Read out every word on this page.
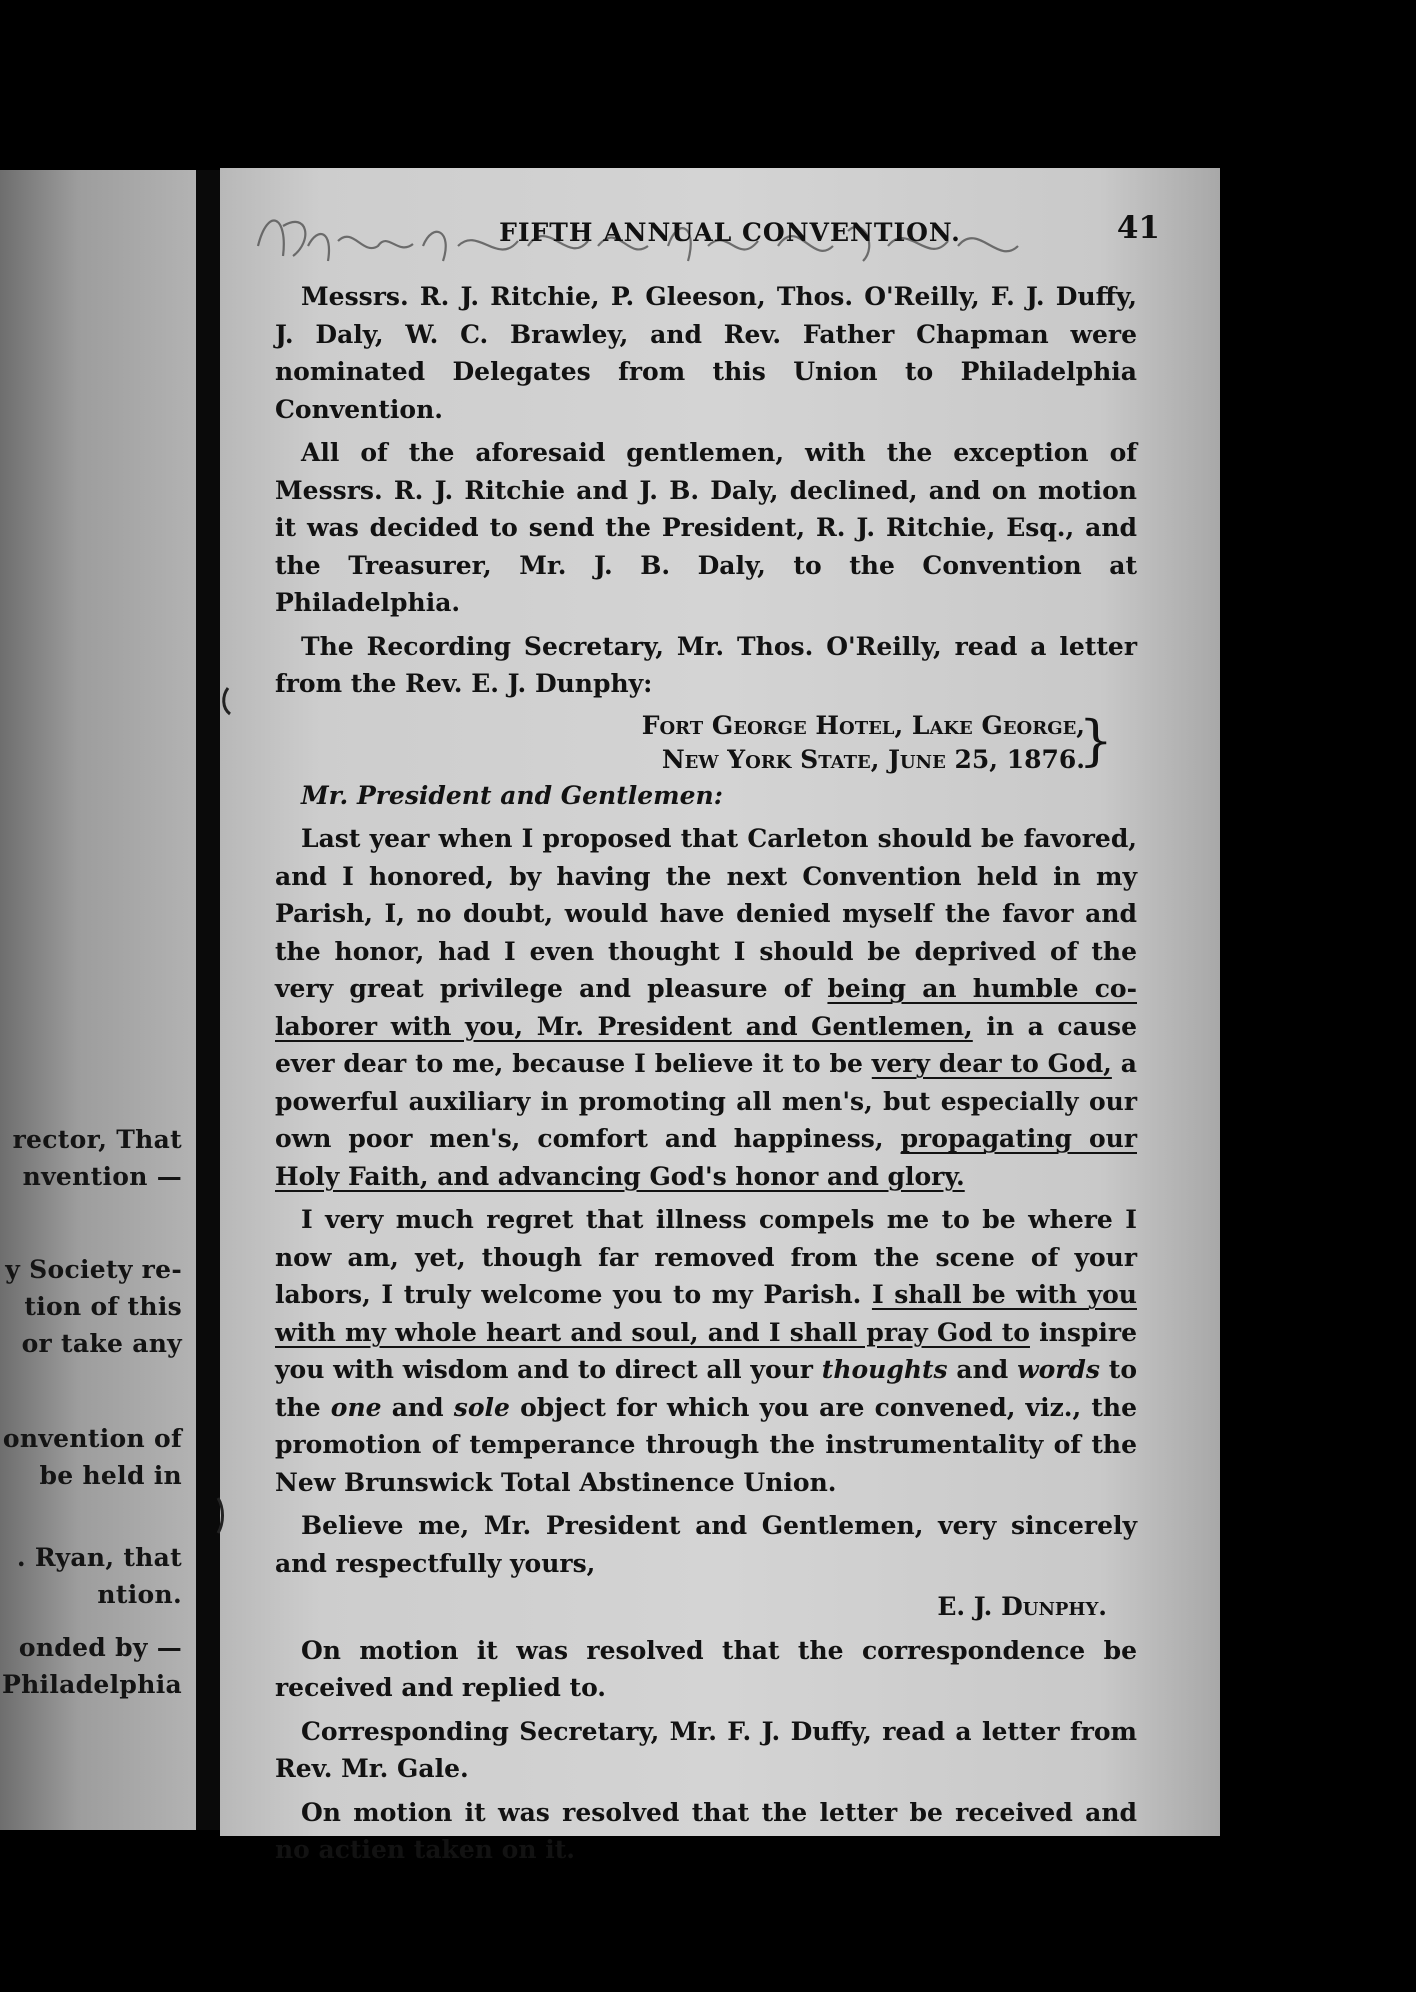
rector, That
nvention —
y Society re-
tion of this
or take any
onvention of
be held in
. Ryan, that
ntion.
onded by —
Philadelphia
Philadelphia R.J. Ritchie J.B. Daly
FIFTH ANNUAL CONVENTION.	41

Messrs. R. J. Ritchie, P. Gleeson, Thos. O'Reilly, F. J. Duffy, J. Daly, W. C. Brawley, and Rev. Father Chapman were nominated Delegates from this Union to Philadelphia Convention.

All of the aforesaid gentlemen, with the exception of Messrs. R. J. Ritchie and J. B. Daly, declined, and on motion it was decided to send the President, R. J. Ritchie, Esq., and the Treasurer, Mr. J. B. Daly, to the Convention at Philadelphia.

The Recording Secretary, Mr. Thos. O'Reilly, read a letter from the Rev. E. J. Dunphy:

Fort George Hotel, Lake George,
New York State, June 25, 1876.
}

Mr. President and Gentlemen:

Last year when I proposed that Carleton should be favored, and I honored, by having the next Convention held in my Parish, I, no doubt, would have denied myself the favor and the honor, had I even thought I should be deprived of the very great privilege and pleasure of being an humble co-laborer with you, Mr. President and Gentlemen, in a cause ever dear to me, because I believe it to be very dear to God, a powerful auxiliary in promoting all men's, but especially our own poor men's, comfort and happiness, propagating our Holy Faith, and advancing God's honor and glory.

I very much regret that illness compels me to be where I now am, yet, though far removed from the scene of your labors, I truly welcome you to my Parish. I shall be with you with my whole heart and soul, and I shall pray God to inspire you with wisdom and to direct all your thoughts and words to the one and sole object for which you are convened, viz., the promotion of temperance through the instrumentality of the New Brunswick Total Abstinence Union.

Believe me, Mr. President and Gentlemen, very sincerely and respectfully yours,

E. J. Dunphy.

On motion it was resolved that the correspondence be received and replied to.

Corresponding Secretary, Mr. F. J. Duffy, read a letter from Rev. Mr. Gale.

On motion it was resolved that the letter be received and no actien taken on it.
